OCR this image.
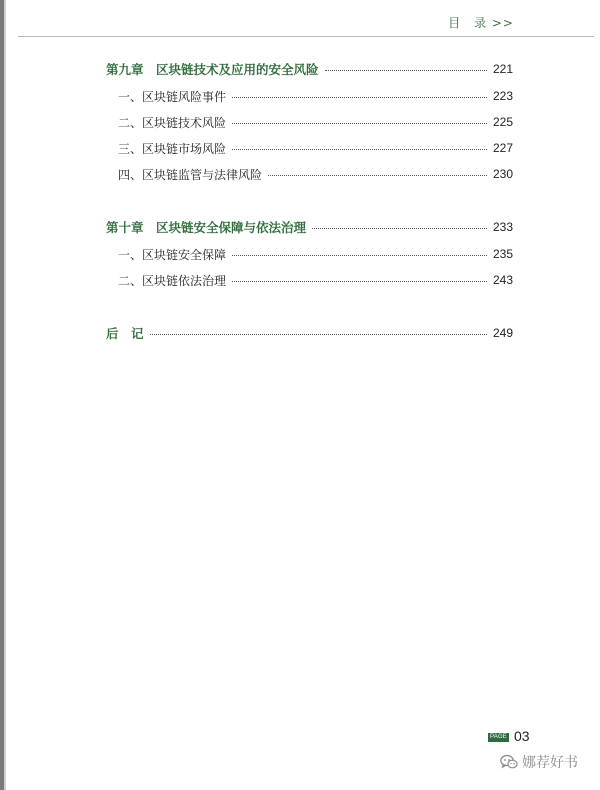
目　录 >>
第九章　区块链技术及应用的安全风险	221
一、区块链风险事件	223
二、区块链技术风险	225
三、区块链市场风险	227
四、区块链监管与法律风险	230
第十章　区块链安全保障与依法治理	233
一、区块链安全保障	235
二、区块链依法治理	243
后　记	249
PAGE 03
娜荐好书
